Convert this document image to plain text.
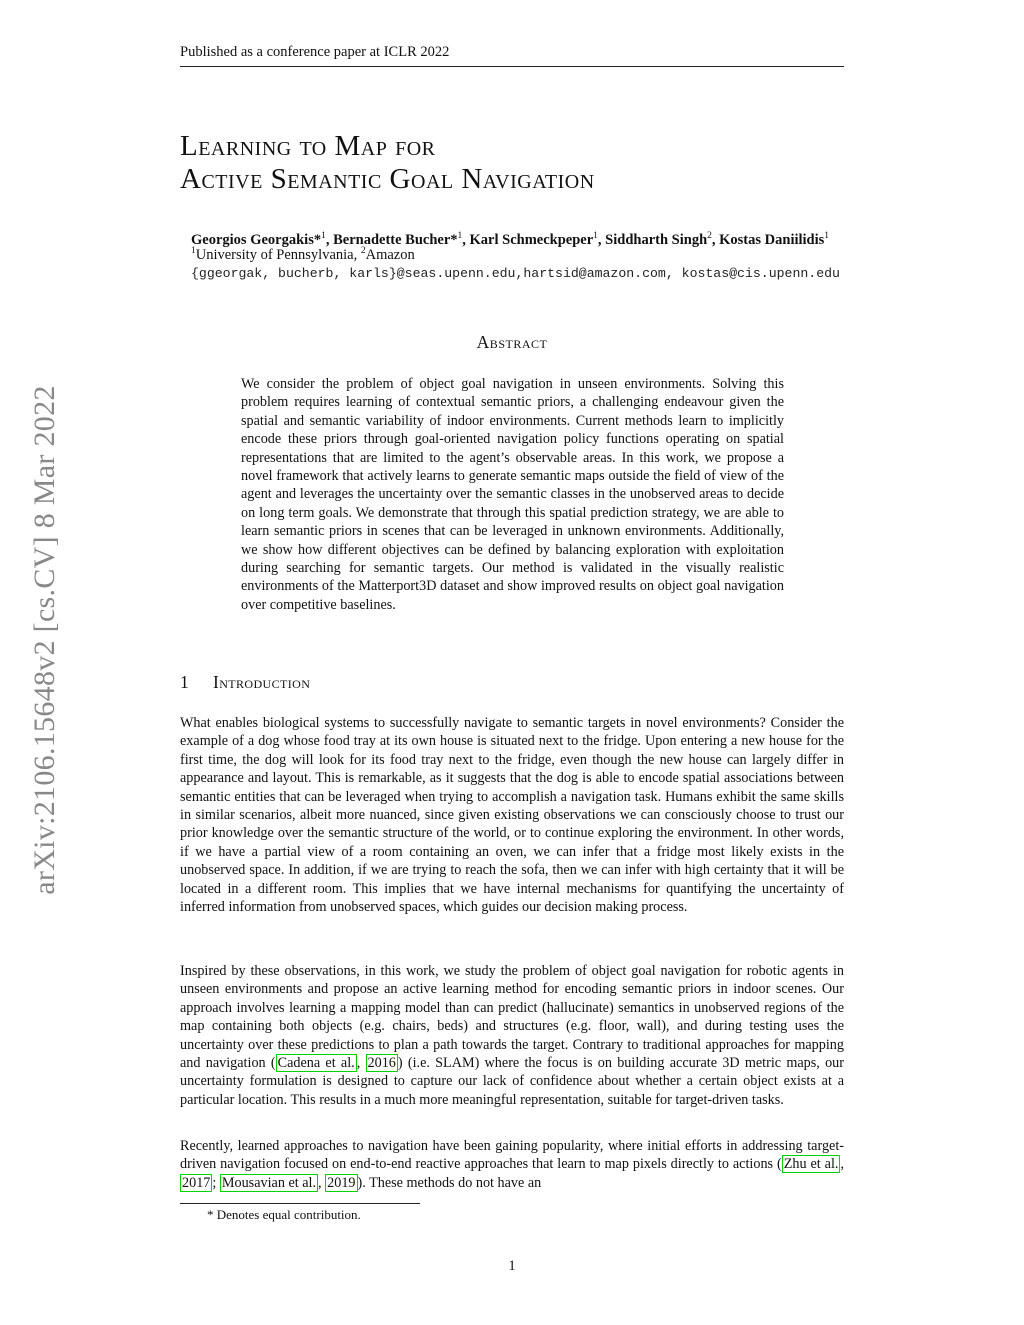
arXiv:2106.15648v2 [cs.CV] 8 Mar 2022
Published as a conference paper at ICLR 2022
Learning to Map for
Active Semantic Goal Navigation
Georgios Georgakis*$^1$, Bernadette Bucher*$^1$, Karl Schmeckpeper$^1$, Siddharth Singh$^2$, Kostas Daniilidis$^1$
$^1$University of Pennsylvania, $^2$Amazon
{ggeorgak, bucherb, karls}@seas.upenn.edu,hartsid@amazon.com, kostas@cis.upenn.edu
Abstract
We consider the problem of object goal navigation in unseen environments. Solving this problem requires learning of contextual semantic priors, a challenging endeavour given the spatial and semantic variability of indoor environments. Current methods learn to implicitly encode these priors through goal-oriented navigation policy functions operating on spatial representations that are limited to the agent’s observable areas. In this work, we propose a novel framework that actively learns to generate semantic maps outside the field of view of the agent and leverages the uncertainty over the semantic classes in the unobserved areas to decide on long term goals. We demonstrate that through this spatial prediction strategy, we are able to learn semantic priors in scenes that can be leveraged in unknown environments. Additionally, we show how different objectives can be defined by balancing exploration with exploitation during searching for semantic targets. Our method is validated in the visually realistic environments of the Matterport3D dataset and show improved results on object goal navigation over competitive baselines.
1 Introduction
What enables biological systems to successfully navigate to semantic targets in novel environments? Consider the example of a dog whose food tray at its own house is situated next to the fridge. Upon entering a new house for the first time, the dog will look for its food tray next to the fridge, even though the new house can largely differ in appearance and layout. This is remarkable, as it suggests that the dog is able to encode spatial associations between semantic entities that can be leveraged when trying to accomplish a navigation task. Humans exhibit the same skills in similar scenarios, albeit more nuanced, since given existing observations we can consciously choose to trust our prior knowledge over the semantic structure of the world, or to continue exploring the environment. In other words, if we have a partial view of a room containing an oven, we can infer that a fridge most likely exists in the unobserved space. In addition, if we are trying to reach the sofa, then we can infer with high certainty that it will be located in a different room. This implies that we have internal mechanisms for quantifying the uncertainty of inferred information from unobserved spaces, which guides our decision making process.
Inspired by these observations, in this work, we study the problem of object goal navigation for robotic agents in unseen environments and propose an active learning method for encoding semantic priors in indoor scenes. Our approach involves learning a mapping model than can predict (hallucinate) semantics in unobserved regions of the map containing both objects (e.g. chairs, beds) and structures (e.g. floor, wall), and during testing uses the uncertainty over these predictions to plan a path towards the target. Contrary to traditional approaches for mapping and navigation ( Cadena et al. , 2016 ) (i.e. SLAM) where the focus is on building accurate 3D metric maps, our uncertainty formulation is designed to capture our lack of confidence about whether a certain object exists at a particular location. This results in a much more meaningful representation, suitable for target-driven tasks.
Recently, learned approaches to navigation have been gaining popularity, where initial efforts in addressing target-driven navigation focused on end-to-end reactive approaches that learn to map pixels directly to actions ( Zhu et al. , 2017 ; Mousavian et al. , 2019 ). These methods do not have an
* Denotes equal contribution.
1
